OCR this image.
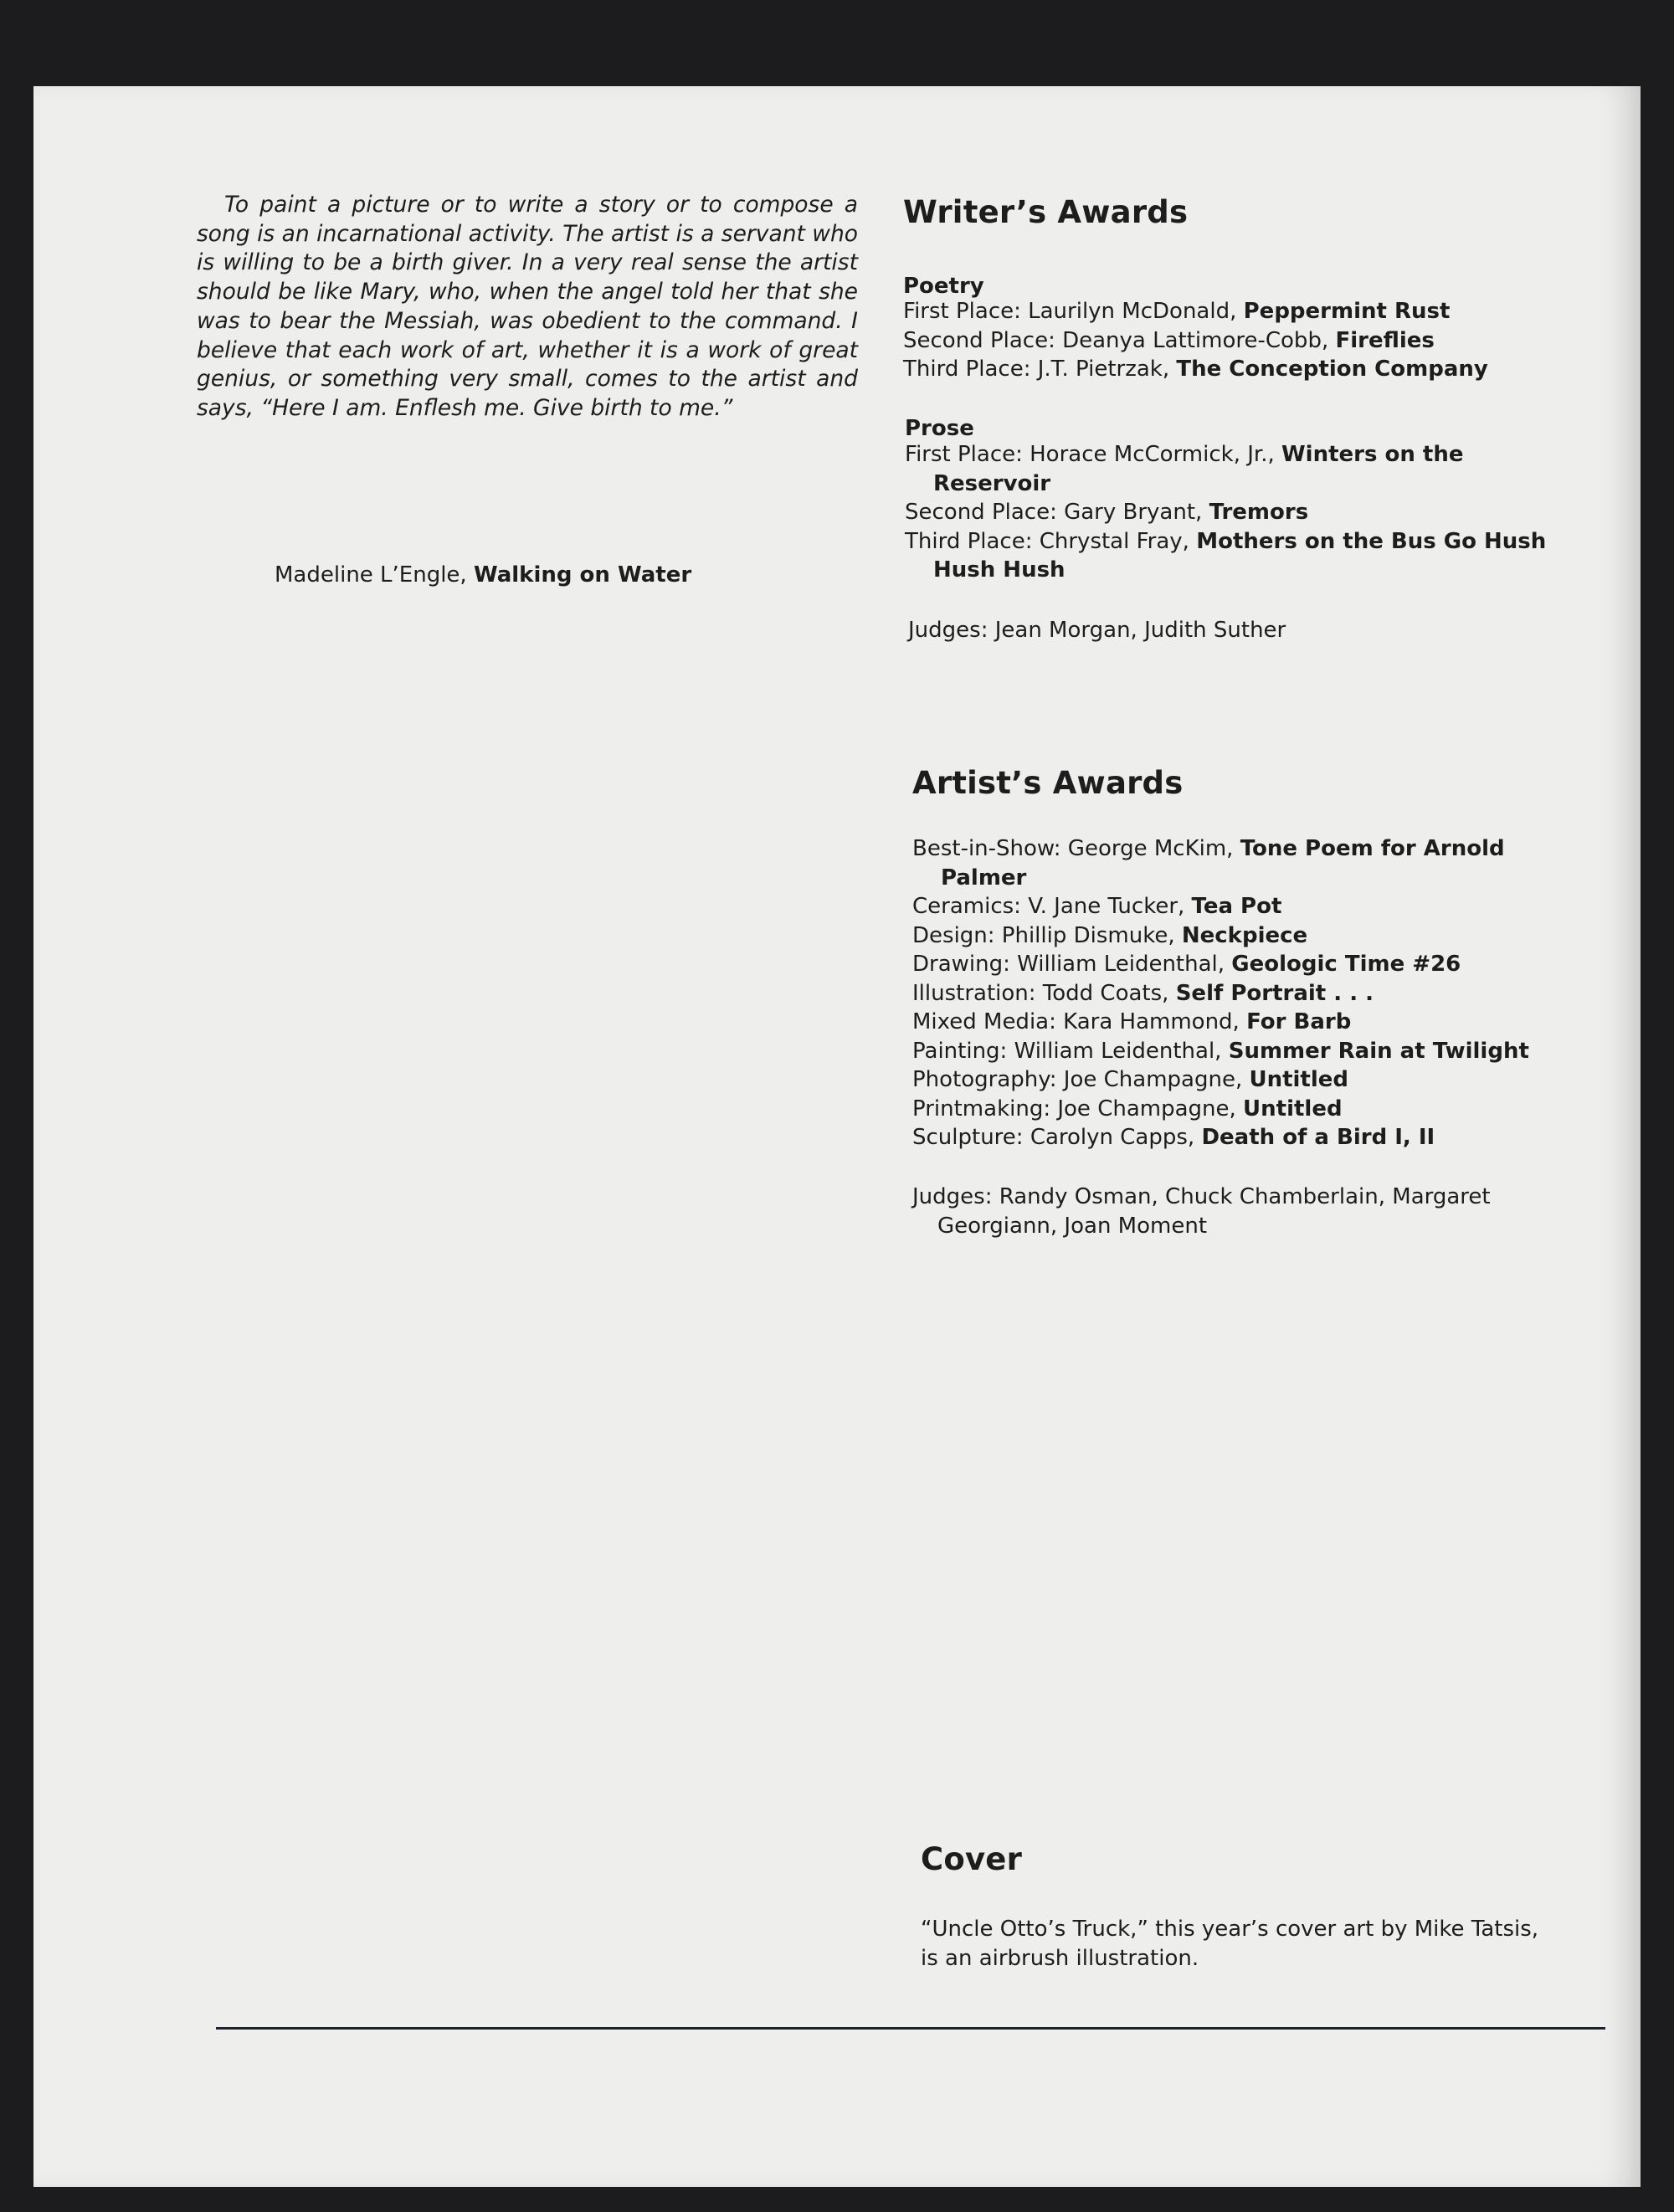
To paint a picture or to write a story or to compose a song is an incarnational activity. The artist is a servant who is willing to be a birth giver. In a very real sense the artist should be like Mary, who, when the angel told her that she was to bear the Messiah, was obedient to the command. I believe that each work of art, whether it is a work of great genius, or something very small, comes to the artist and says, “Here I am. Enflesh me. Give birth to me.”

Madeline L’Engle, Walking on Water

Writer’s Awards
Poetry
First Place: Laurilyn McDonald, Peppermint Rust
Second Place: Deanya Lattimore-Cobb, Fireflies
Third Place: J.T. Pietrzak, The Conception Company
Prose
First Place: Horace McCormick, Jr., Winters on the Reservoir
Second Place: Gary Bryant, Tremors
Third Place: Chrystal Fray, Mothers on the Bus Go Hush Hush Hush

Judges: Jean Morgan, Judith Suther

Artist’s Awards
Best-in-Show: George McKim, Tone Poem for Arnold Palmer
Ceramics: V. Jane Tucker, Tea Pot
Design: Phillip Dismuke, Neckpiece
Drawing: William Leidenthal, Geologic Time #26
Illustration: Todd Coats, Self Portrait . . .
Mixed Media: Kara Hammond, For Barb
Painting: William Leidenthal, Summer Rain at Twilight
Photography: Joe Champagne, Untitled
Printmaking: Joe Champagne, Untitled
Sculpture: Carolyn Capps, Death of a Bird I, II

Judges: Randy Osman, Chuck Chamberlain, Margaret Georgiann, Joan Moment

Cover

“Uncle Otto’s Truck,” this year’s cover art by Mike Tatsis, is an airbrush illustration.
